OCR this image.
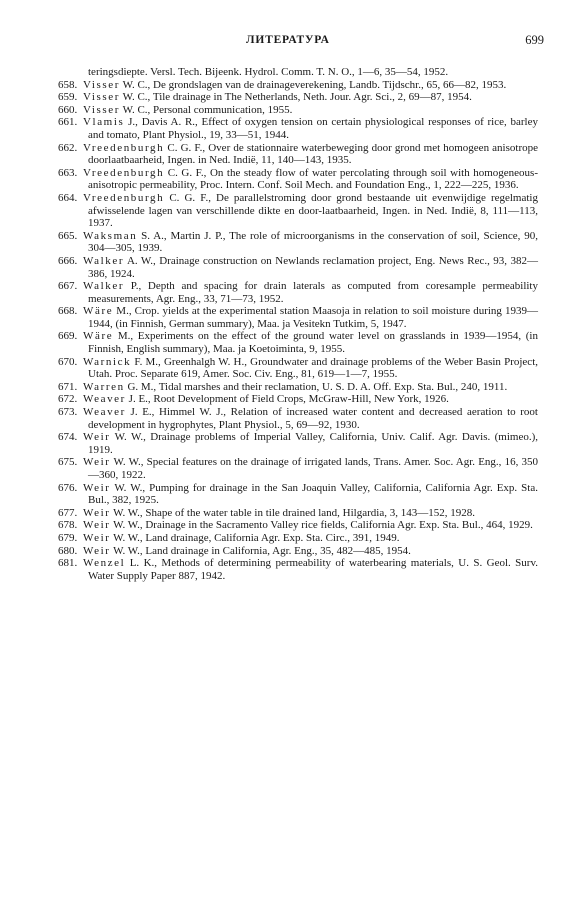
ЛИТЕРАТУРА	699

teringsdiepte. Versl. Tech. Bijeenk. Hydrol. Comm. T. N. O., 1—6, 35—54, 1952.

658. Visser W. C., De grondslagen van de drainageverekening, Landb. Tijdschr., 65, 66—82, 1953.

659. Visser W. C., Tile drainage in The Netherlands, Neth. Jour. Agr. Sci., 2, 69—87, 1954.

660. Visser W. C., Personal communication, 1955.

661. Vlamis J., Davis A. R., Effect of oxygen tension on certain physiological responses of rice, barley and tomato, Plant Physiol., 19, 33—51, 1944.

662. Vreedenburgh C. G. F., Over de stationnaire waterbeweging door grond met homogeen anisotrope doorlaatbaarheid, Ingen. in Ned. Indië, 11, 140—143, 1935.

663. Vreedenburgh C. G. F., On the steady flow of water percolating through soil with homogeneous-anisotropic permeability, Proc. Intern. Conf. Soil Mech. and Foundation Eng., 1, 222—225, 1936.

664. Vreedenburgh C. G. F., De parallelstroming door grond bestaande uit evenwijdige regelmatig afwisselende lagen van verschillende dikte en door-laatbaarheid, Ingen. in Ned. Indië, 8, 111—113, 1937.

665. Waksman S. A., Martin J. P., The role of microorganisms in the conservation of soil, Science, 90, 304—305, 1939.

666. Walker A. W., Drainage construction on Newlands reclamation project, Eng. News Rec., 93, 382—386, 1924.

667. Walker P., Depth and spacing for drain laterals as computed from coresample permeability measurements, Agr. Eng., 33, 71—73, 1952.

668. Wäre M., Crop. yields at the experimental station Maasoja in relation to soil moisture during 1939—1944, (in Finnish, German summary), Maa. ja Vesitekn Tutkim, 5, 1947.

669. Wäre M., Experiments on the effect of the ground water level on grasslands in 1939—1954, (in Finnish, English summary), Maa. ja Koetoiminta, 9, 1955.

670. Warnick F. M., Greenhalgh W. H., Groundwater and drainage problems of the Weber Basin Project, Utah. Proc. Separate 619, Amer. Soc. Civ. Eng., 81, 619—1—7, 1955.

671. Warren G. M., Tidal marshes and their reclamation, U. S. D. A. Off. Exp. Sta. Bul., 240, 1911.

672. Weaver J. E., Root Development of Field Crops, McGraw-Hill, New York, 1926.

673. Weaver J. E., Himmel W. J., Relation of increased water content and decreased aeration to root development in hygrophytes, Plant Physiol., 5, 69—92, 1930.

674. Weir W. W., Drainage problems of Imperial Valley, California, Univ. Calif. Agr. Davis. (mimeo.), 1919.

675. Weir W. W., Special features on the drainage of irrigated lands, Trans. Amer. Soc. Agr. Eng., 16, 350—360, 1922.

676. Weir W. W., Pumping for drainage in the San Joaquin Valley, California, California Agr. Exp. Sta. Bul., 382, 1925.

677. Weir W. W., Shape of the water table in tile drained land, Hilgardia, 3, 143—152, 1928.

678. Weir W. W., Drainage in the Sacramento Valley rice fields, California Agr. Exp. Sta. Bul., 464, 1929.

679. Weir W. W., Land drainage, California Agr. Exp. Sta. Circ., 391, 1949.

680. Weir W. W., Land drainage in California, Agr. Eng., 35, 482—485, 1954.

681. Wenzel L. K., Methods of determining permeability of waterbearing materials, U. S. Geol. Surv. Water Supply Paper 887, 1942.
